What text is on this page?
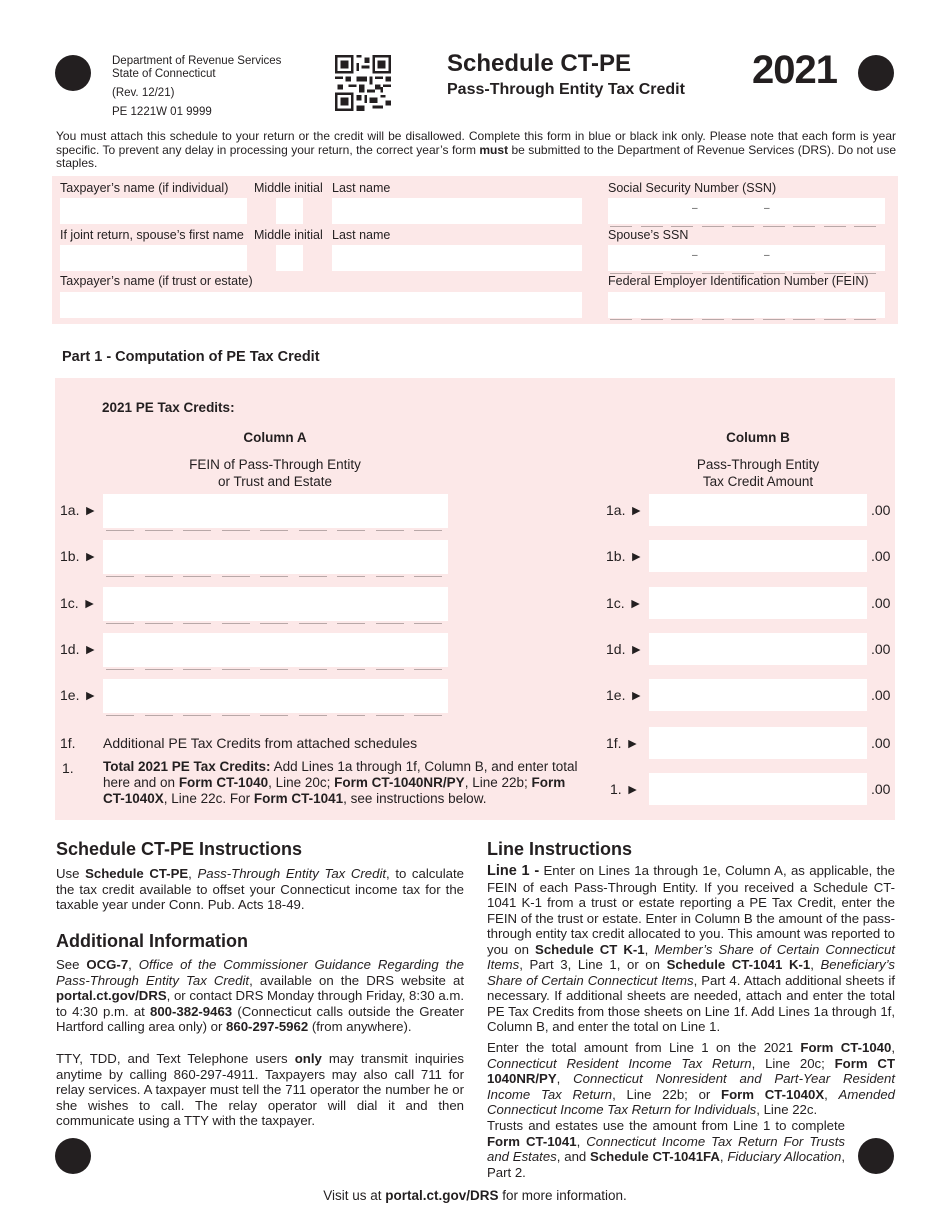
Department of Revenue Services
State of Connecticut
(Rev. 12/21)
PE 1221W 01 9999
Schedule CT-PE
Pass-Through Entity Tax Credit 2021
You must attach this schedule to your return or the credit will be disallowed. Complete this form in blue or black ink only. Please note that each form is year specific. To prevent any delay in processing your return, the correct year’s form must be submitted to the Department of Revenue Services (DRS). Do not use staples.
Taxpayer’s name (if individual) Middle initial Last name	Social Security Number (SSN)
–	–
If joint return, spouse’s first name Middle initial Last name	Spouse’s SSN
–	–
Taxpayer’s name (if trust or estate)	Federal Employer Identification Number (FEIN)
Part 1 - Computation of PE Tax Credit
2021 PE Tax Credits:
Column A
FEIN of Pass-Through Entity
or Trust and Estate
Column B
Pass-Through Entity
Tax Credit Amount
1a. ►	1a. ►	.00
1b. ►	1b. ►	.00
1c. ►	1c. ►	.00
1d. ►	1d. ►	.00
1e. ►	1e. ►	.00
1f. Additional PE Tax Credits from attached schedules	1f. ►	.00
1. Total 2021 PE Tax Credits: Add Lines 1a through 1f, Column B, and enter total here and on Form CT-1040, Line 20c; Form CT-1040NR/PY, Line 22b; Form CT-1040X, Line 22c. For Form CT-1041, see instructions below.
1. ►	.00
Schedule CT-PE Instructions
Use Schedule CT-PE, Pass-Through Entity Tax Credit, to calculate the tax credit available to offset your Connecticut income tax for the taxable year under Conn. Pub. Acts 18-49.
Additional Information
See OCG-7, Office of the Commissioner Guidance Regarding the Pass-Through Entity Tax Credit, available on the DRS website at portal.ct.gov/DRS, or contact DRS Monday through Friday, 8:30 a.m. to 4:30 p.m. at 800-382-9463 (Connecticut calls outside the Greater Hartford calling area only) or 860-297-5962 (from anywhere).
TTY, TDD, and Text Telephone users only may transmit inquiries anytime by calling 860-297-4911. Taxpayers may also call 711 for relay services. A taxpayer must tell the 711 operator the number he or she wishes to call. The relay operator will dial it and then communicate using a TTY with the taxpayer.
Line Instructions
Line 1 - Enter on Lines 1a through 1e, Column A, as applicable, the FEIN of each Pass-Through Entity. If you received a Schedule CT-1041 K-1 from a trust or estate reporting a PE Tax Credit, enter the FEIN of the trust or estate. Enter in Column B the amount of the pass-through entity tax credit allocated to you. This amount was reported to you on Schedule CT K-1, Member’s Share of Certain Connecticut Items, Part 3, Line 1, or on Schedule CT-1041 K-1, Beneficiary’s Share of Certain Connecticut Items, Part 4. Attach additional sheets if necessary. If additional sheets are needed, attach and enter the total PE Tax Credits from those sheets on Line 1f. Add Lines 1a through 1f, Column B, and enter the total on Line 1.
Enter the total amount from Line 1 on the 2021 Form CT-1040, Connecticut Resident Income Tax Return, Line 20c; Form CT 1040NR/PY, Connecticut Nonresident and Part-Year Resident Income Tax Return, Line 22b; or Form CT-1040X, Amended Connecticut Income Tax Return for Individuals, Line 22c.
Trusts and estates use the amount from Line 1 to complete Form CT-1041, Connecticut Income Tax Return For Trusts and Estates, and Schedule CT-1041FA, Fiduciary Allocation, Part 2.
Visit us at portal.ct.gov/DRS for more information.
